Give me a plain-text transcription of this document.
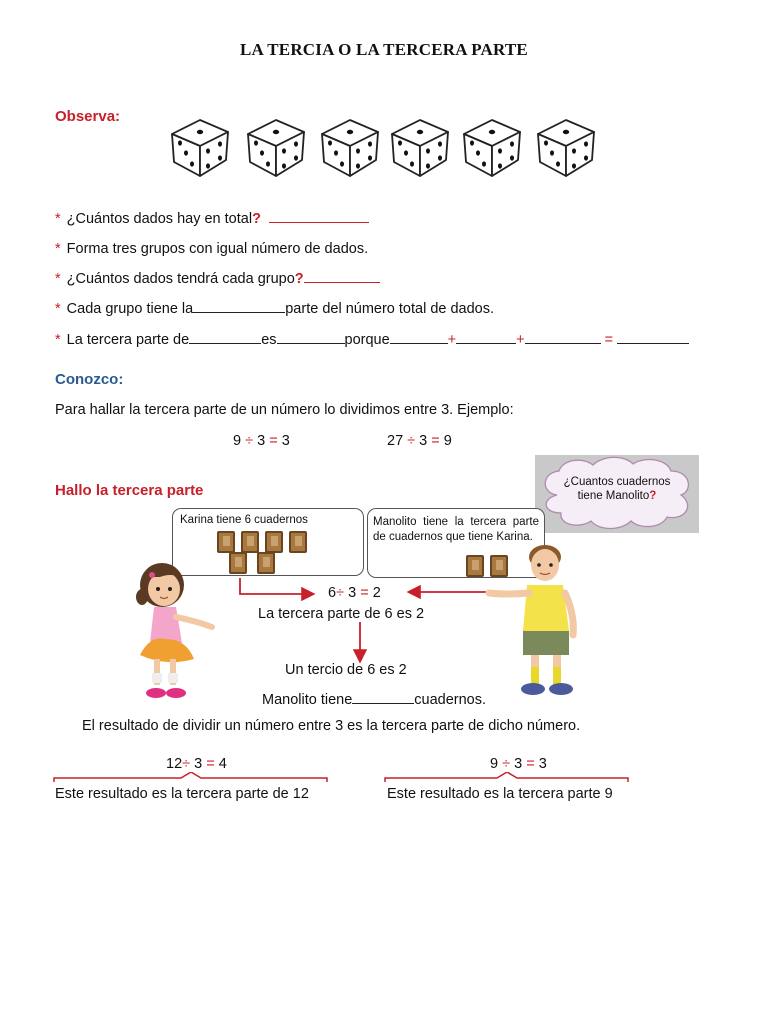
LA TERCIA O LA TERCERA PARTE
Observa:
* ¿Cuántos dados hay en total?
* Forma tres grupos con igual número de dados.
* ¿Cuántos dados tendrá cada grupo?
* Cada grupo tiene la	parte del número total de dados.
* La tercera parte de	es	porque	+	+	=
Conozco:
Para hallar la tercera parte de un número lo dividimos entre 3. Ejemplo:
9 ÷ 3 = 3	27 ÷ 3 = 9
Hallo la tercera parte	¿Cuantos cuadernos
tiene Manolito?
Karina tiene 6 cuadernos	Manolito tiene la tercera parte de cuadernos que tiene Karina.
6÷ 3 = 2
La tercera parte de 6 es 2
Un tercio de 6 es 2
Manolito tiene	cuadernos.
El resultado de dividir un número entre 3 es la tercera parte de dicho número.
12÷ 3 = 4
Este resultado es la tercera parte de 12
9 ÷ 3 = 3
Este resultado es la tercera parte 9
